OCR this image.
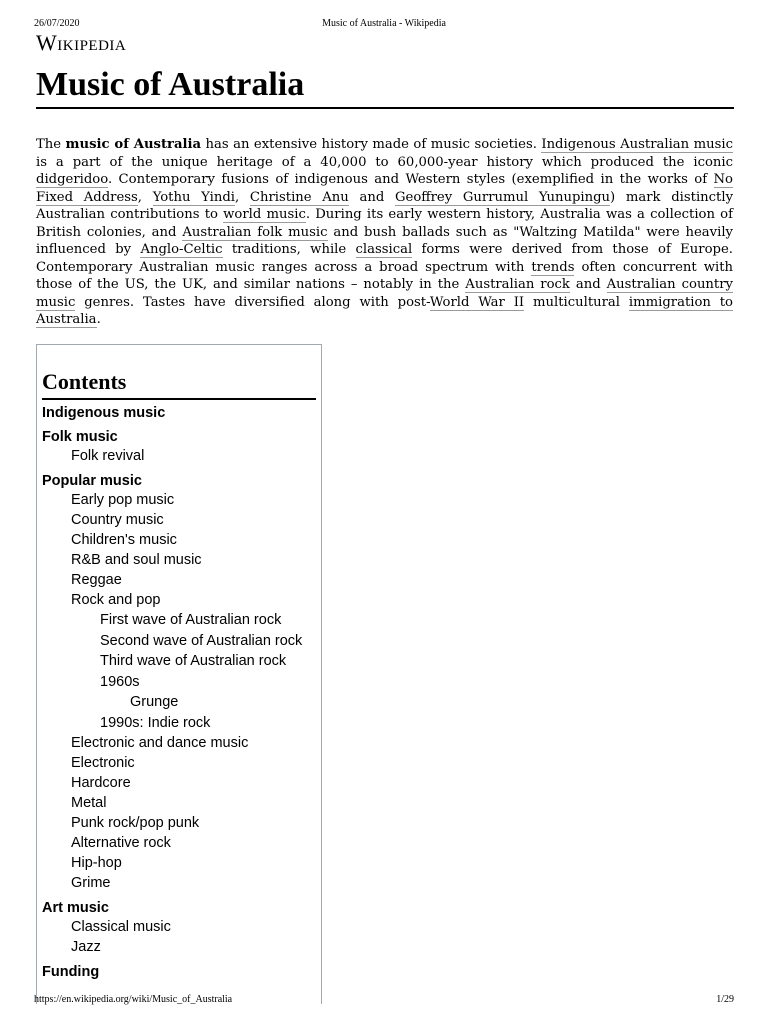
26/07/2020	Music of Australia - Wikipedia
Wikipedia
Music of Australia

The music of Australia has an extensive history made of music societies. Indigenous Australian music is a part of the unique heritage of a 40,000 to 60,000-year history which produced the iconic didgeridoo. Contemporary fusions of indigenous and Western styles (exemplified in the works of No Fixed Address, Yothu Yindi, Christine Anu and Geoffrey Gurrumul Yunupingu) mark distinctly Australian contributions to world music. During its early western history, Australia was a collection of British colonies, and Australian folk music and bush ballads such as "Waltzing Matilda" were heavily influenced by Anglo-Celtic traditions, while classical forms were derived from those of Europe. Contemporary Australian music ranges across a broad spectrum with trends often concurrent with those of the US, the UK, and similar nations – notably in the Australian rock and Australian country music genres. Tastes have diversified along with post-World War II multicultural immigration to Australia.

Contents
Indigenous music
Folk music
Folk revival
Popular music
Early pop music
Country music
Children's music
R&B and soul music
Reggae
Rock and pop
First wave of Australian rock
Second wave of Australian rock
Third wave of Australian rock
1960s
Grunge
1990s: Indie rock
Electronic and dance music
Electronic
Hardcore
Metal
Punk rock/pop punk
Alternative rock
Hip-hop
Grime
Art music
Classical music
Jazz
Funding
https://en.wikipedia.org/wiki/Music_of_Australia	1/29
